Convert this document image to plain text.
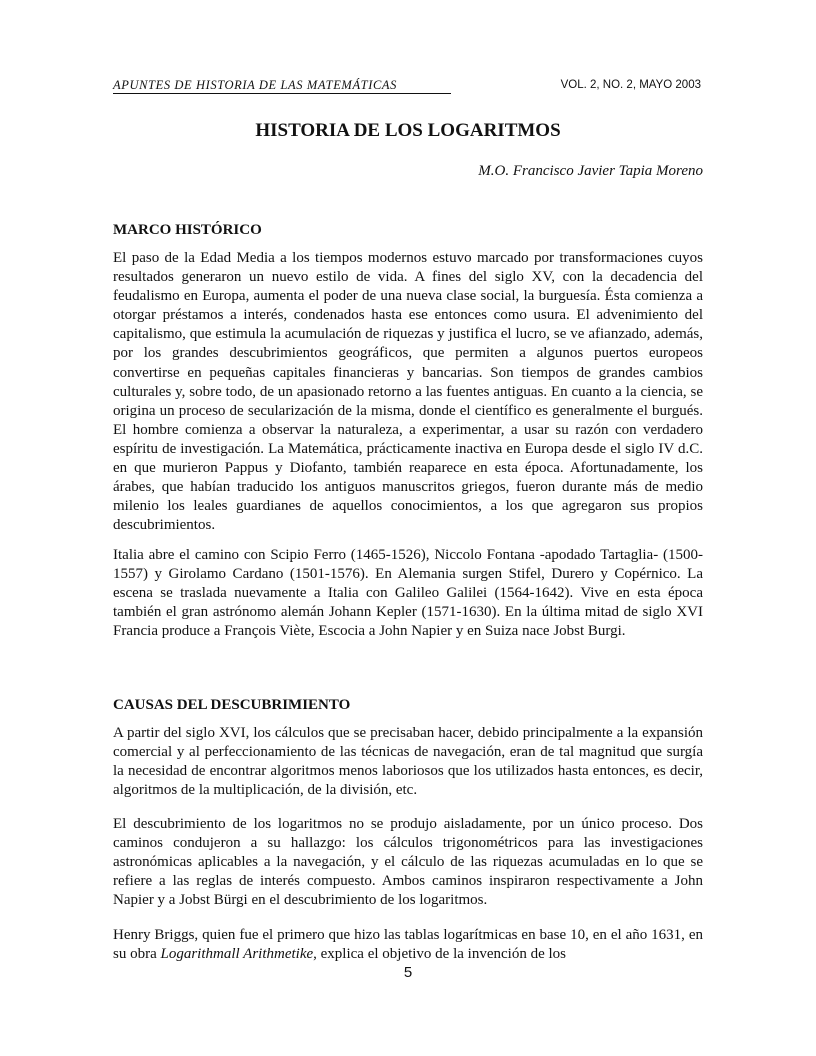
APUNTES DE HISTORIA DE LAS MATEMÁTICAS	VOL. 2, NO. 2, MAYO 2003
HISTORIA DE LOS LOGARITMOS
M.O. Francisco Javier Tapia Moreno
MARCO HISTÓRICO

El paso de la Edad Media a los tiempos modernos estuvo marcado por transformaciones cuyos resultados generaron un nuevo estilo de vida. A fines del siglo XV, con la decadencia del feudalismo en Europa, aumenta el poder de una nueva clase social, la burguesía. Ésta comienza a otorgar préstamos a interés, condenados hasta ese entonces como usura. El advenimiento del capitalismo, que estimula la acumulación de riquezas y justifica el lucro, se ve afianzado, además, por los grandes descubrimientos geográficos, que permiten a algunos puertos europeos convertirse en pequeñas capitales financieras y bancarias. Son tiempos de grandes cambios culturales y, sobre todo, de un apasionado retorno a las fuentes antiguas. En cuanto a la ciencia, se origina un proceso de secularización de la misma, donde el científico es generalmente el burgués. El hombre comienza a observar la naturaleza, a experimentar, a usar su razón con verdadero espíritu de investigación. La Matemática, prácticamente inactiva en Europa desde el siglo IV d.C. en que murieron Pappus y Diofanto, también reaparece en esta época. Afortunadamente, los árabes, que habían traducido los antiguos manuscritos griegos, fueron durante más de medio milenio los leales guardianes de aquellos conocimientos, a los que agregaron sus propios descubrimientos.

Italia abre el camino con Scipio Ferro (1465-1526), Niccolo Fontana -apodado Tartaglia- (1500-1557) y Girolamo Cardano (1501-1576). En Alemania surgen Stifel, Durero y Copérnico. La escena se traslada nuevamente a Italia con Galileo Galilei (1564-1642). Vive en esta época también el gran astrónomo alemán Johann Kepler (1571-1630). En la última mitad de siglo XVI Francia produce a François Viète, Escocia a John Napier y en Suiza nace Jobst Burgi.

CAUSAS DEL DESCUBRIMIENTO

A partir del siglo XVI, los cálculos que se precisaban hacer, debido principalmente a la expansión comercial y al perfeccionamiento de las técnicas de navegación, eran de tal magnitud que surgía la necesidad de encontrar algoritmos menos laboriosos que los utilizados hasta entonces, es decir, algoritmos de la multiplicación, de la división, etc.

El descubrimiento de los logaritmos no se produjo aisladamente, por un único proceso. Dos caminos condujeron a su hallazgo: los cálculos trigonométricos para las investigaciones astronómicas aplicables a la navegación, y el cálculo de las riquezas acumuladas en lo que se refiere a las reglas de interés compuesto. Ambos caminos inspiraron respectivamente a John Napier y a Jobst Bürgi en el descubrimiento de los logaritmos.

Henry Briggs, quien fue el primero que hizo las tablas logarítmicas en base 10, en el año 1631, en su obra Logarithmall Arithmetike, explica el objetivo de la invención de los

5
